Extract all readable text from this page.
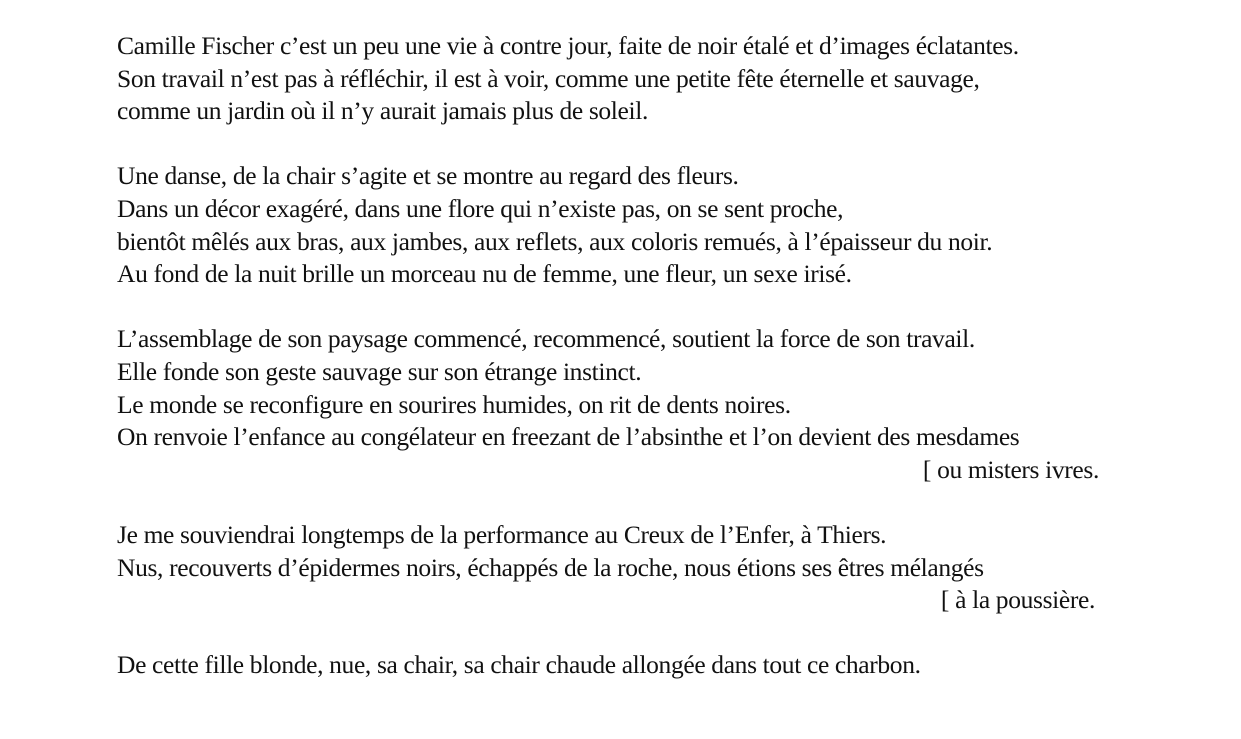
Camille Fischer c’est un peu une vie à contre jour, faite de noir étalé et d’images éclatantes.
Son travail n’est pas à réfléchir, il est à voir, comme une petite fête éternelle et sauvage,
comme un jardin où il n’y aurait jamais plus de soleil.
Une danse, de la chair s’agite et se montre au regard des fleurs.
Dans un décor exagéré, dans une flore qui n’existe pas, on se sent proche,
bientôt mêlés aux bras, aux jambes, aux reflets, aux coloris remués, à l’épaisseur du noir.
Au fond de la nuit brille un morceau nu de femme, une fleur, un sexe irisé.
L’assemblage de son paysage commencé, recommencé, soutient la force de son travail.
Elle fonde son geste sauvage sur son étrange instinct.
Le monde se reconfigure en sourires humides, on rit de dents noires.
On renvoie l’enfance au congélateur en freezant de l’absinthe et l’on devient des mesdames
[ ou misters ivres.
Je me souviendrai longtemps de la performance au Creux de l’Enfer, à Thiers.
Nus, recouverts d’épidermes noirs, échappés de la roche, nous étions ses êtres mélangés
[ à la poussière.
De cette fille blonde, nue, sa chair, sa chair chaude allongée dans tout ce charbon.
